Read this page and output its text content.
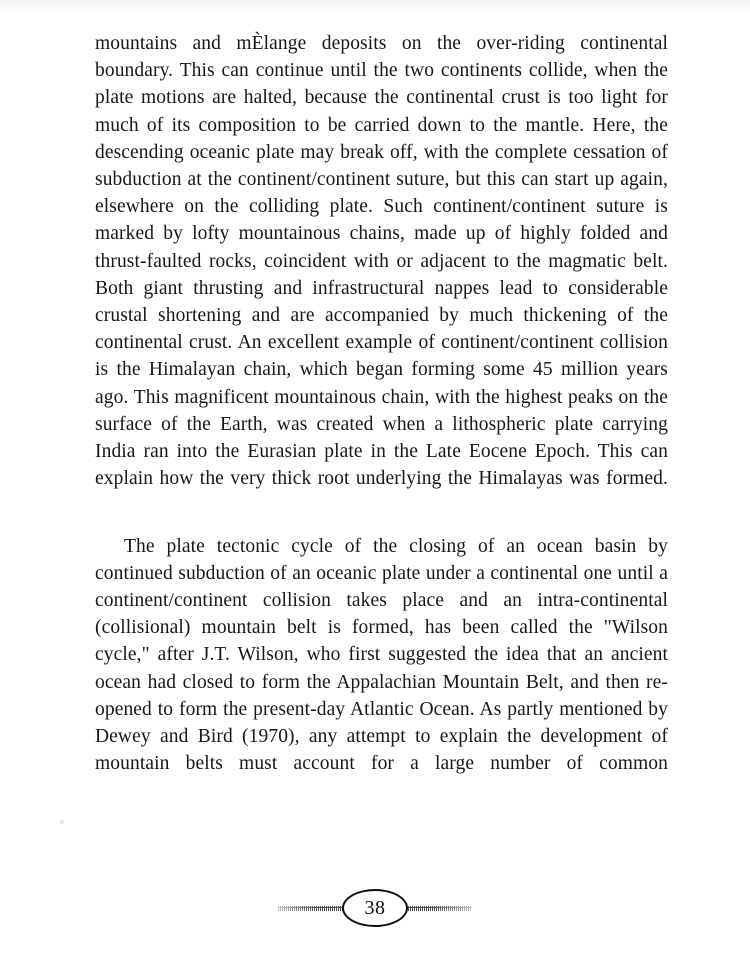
mountains and mÈlange deposits on the over-riding continental boundary. This can continue until the two continents collide, when the plate motions are halted, because the continental crust is too light for much of its composition to be carried down to the mantle. Here, the descending oceanic plate may break off, with the complete cessation of subduction at the continent/continent suture, but this can start up again, elsewhere on the colliding plate. Such continent/continent suture is marked by lofty mountainous chains, made up of highly folded and thrust-faulted rocks, coincident with or adjacent to the magmatic belt. Both giant thrusting and infrastructural nappes lead to considerable crustal shortening and are accompanied by much thickening of the continental crust. An excellent example of continent/continent collision is the Himalayan chain, which began forming some 45 million years ago. This magnificent mountainous chain, with the highest peaks on the surface of the Earth, was created when a lithospheric plate carrying India ran into the Eurasian plate in the Late Eocene Epoch. This can explain how the very thick root underlying the Himalayas was formed.

The plate tectonic cycle of the closing of an ocean basin by continued subduction of an oceanic plate under a continental one until a continent/continent collision takes place and an intra-continental (collisional) mountain belt is formed, has been called the "Wilson cycle," after J.T. Wilson, who first suggested the idea that an ancient ocean had closed to form the Appalachian Mountain Belt, and then re-opened to form the present-day Atlantic Ocean. As partly mentioned by Dewey and Bird (1970), any attempt to explain the development of mountain belts must account for a large number of common

38
